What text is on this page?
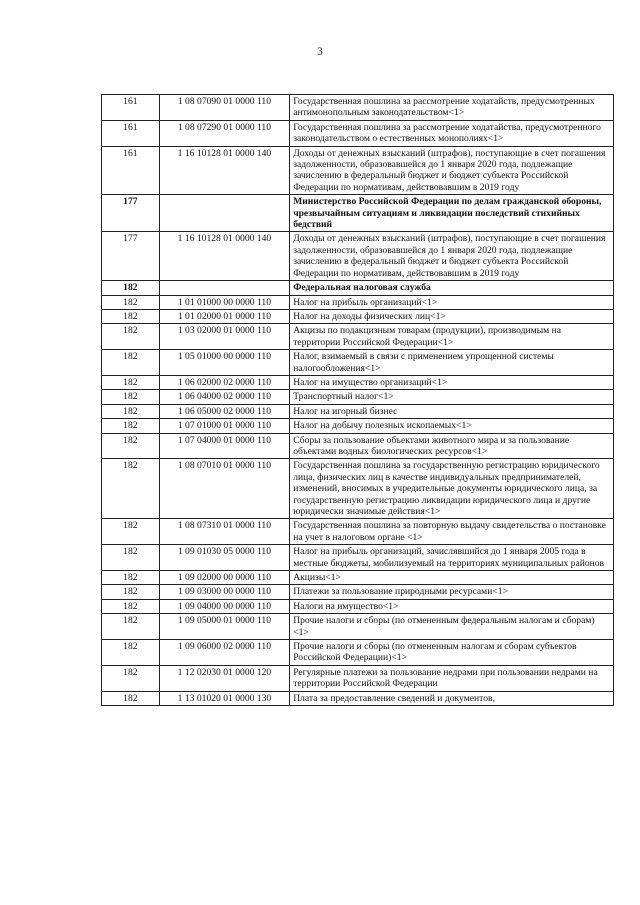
3
161	1 08 07090 01 0000 110	Государственная пошлина за рассмотрение ходатайств, предусмотренных антимонопольным законодательством<1>
161	1 08 07290 01 0000 110	Государственная пошлина за рассмотрение ходатайства, предусмотренного законодательством о естественных монополиях<1>
161	1 16 10128 01 0000 140	Доходы от денежных взысканий (штрафов), поступающие в счет погашения задолженности, образовавшейся до 1 января 2020 года, подлежащие зачислению в федеральный бюджет и бюджет субъекта Российской Федерации по нормативам, действовавшим в 2019 году
177		Министерство Российской Федерации по делам гражданской обороны, чрезвычайным ситуациям и ликвидации последствий стихийных бедствий
177	1 16 10128 01 0000 140	Доходы от денежных взысканий (штрафов), поступающие в счет погашения задолженности, образовавшейся до 1 января 2020 года, подлежащие зачислению в федеральный бюджет и бюджет субъекта Российской Федерации по нормативам, действовавшим в 2019 году
182		Федеральная налоговая служба
182	1 01 01000 00 0000 110	Налог на прибыль организаций<1>
182	1 01 02000 01 0000 110	Налог на доходы физических лиц<1>
182	1 03 02000 01 0000 110	Акцизы по подакцизным товарам (продукции), производимым на территории Российской Федерации<1>
182	1 05 01000 00 0000 110	Налог, взимаемый в связи с применением упрощенной системы налогообложения<1>
182	1 06 02000 02 0000 110	Налог на имущество организаций<1>
182	1 06 04000 02 0000 110	Транспортный налог<1>
182	1 06 05000 02 0000 110	Налог на игорный бизнес
182	1 07 01000 01 0000 110	Налог на добычу полезных ископаемых<1>
182	1 07 04000 01 0000 110	Сборы за пользование объектами животного мира и за пользование объектами водных биологических ресурсов<1>
182	1 08 07010 01 0000 110	Государственная пошлина за государственную регистрацию юридического лица, физических лиц в качестве индивидуальных предпринимателей, изменений, вносимых в учредительные документы юридического лица, за государственную регистрацию ликвидации юридического лица и другие юридически значимые действия<1>
182	1 08 07310 01 0000 110	Государственная пошлина за повторную выдачу свидетельства о постановке на учет в налоговом органе <1>
182	1 09 01030 05 0000 110	Налог на прибыль организаций, зачислявшийся до 1 января 2005 года в местные бюджеты, мобилизуемый на территориях муниципальных районов
182	1 09 02000 00 0000 110	Акцизы<1>
182	1 09 03000 00 0000 110	Платежи за пользование природными ресурсами<1>
182	1 09 04000 00 0000 110	Налоги на имущество<1>
182	1 09 05000 01 0000 110	Прочие налоги и сборы (по отмененным федеральным налогам и сборам)<1>
182	1 09 06000 02 0000 110	Прочие налоги и сборы (по отмененным налогам и сборам субъектов Российской Федерации)<1>
182	1 12 02030 01 0000 120	Регулярные платежи за пользование недрами при пользовании недрами на территории Российской Федерации
182	1 13 01020 01 0000 130	Плата за предоставление сведений и документов,
